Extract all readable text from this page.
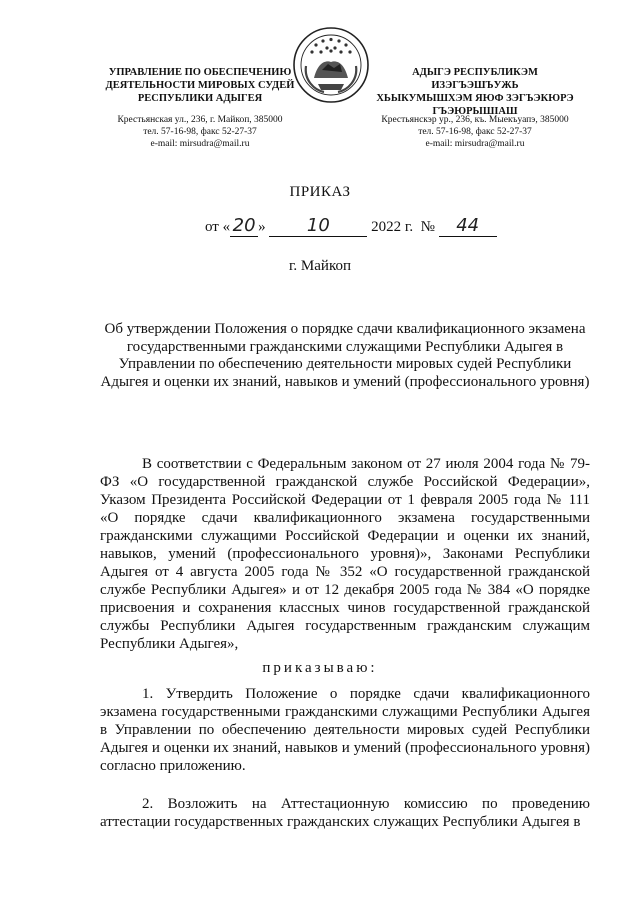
УПРАВЛЕНИЕ ПО ОБЕСПЕЧЕНИЮ
ДЕЯТЕЛЬНОСТИ МИРОВЫХ СУДЕЙ
РЕСПУБЛИКИ АДЫГЕЯ
АДЫГЭ РЕСПУБЛИКЭМ ИЗЭГЪЭШЪУЖЬ
ХЬЫКУМЫШХЭМ ЯЮФ ЗЭГЪЭКЮРЭ
ГЪЭЮРЫШІАШ
Крестьянская ул., 236, г. Майкоп, 385000
тел. 57-16-98, факс 52-27-37
e-mail: mirsudra@mail.ru
Крестьянскэр ур., 236, къ. Мыекъуапэ, 385000
тел. 57-16-98, факс 52-27-37
e-mail: mirsudra@mail.ru
ПРИКАЗ
от « 20 » 10	2022 г. № 44
г. Майкоп
Об утверждении Положения о порядке сдачи квалификационного экзамена государственными гражданскими служащими Республики Адыгея в Управлении по обеспечению деятельности мировых судей Республики Адыгея и оценки их знаний, навыков и умений (профессионального уровня)
В соответствии с Федеральным законом от 27 июля 2004 года № 79-ФЗ «О государственной гражданской службе Российской Федерации», Указом Президента Российской Федерации от 1 февраля 2005 года № 111 «О порядке сдачи квалификационного экзамена государственными гражданскими служащими Российской Федерации и оценки их знаний, навыков, умений (профессионального уровня)», Законами Республики Адыгея от 4 августа 2005 года № 352 «О государственной гражданской службе Республики Адыгея» и от 12 декабря 2005 года № 384 «О порядке присвоения и сохранения классных чинов государственной гражданской службы Республики Адыгея государственным гражданским служащим Республики Адыгея»,
приказываю:
1. Утвердить Положение о порядке сдачи квалификационного экзамена государственными гражданскими служащими Республики Адыгея в Управлении по обеспечению деятельности мировых судей Республики Адыгея и оценки их знаний, навыков и умений (профессионального уровня) согласно приложению.
2. Возложить на Аттестационную комиссию по проведению аттестации государственных гражданских служащих Республики Адыгея в
